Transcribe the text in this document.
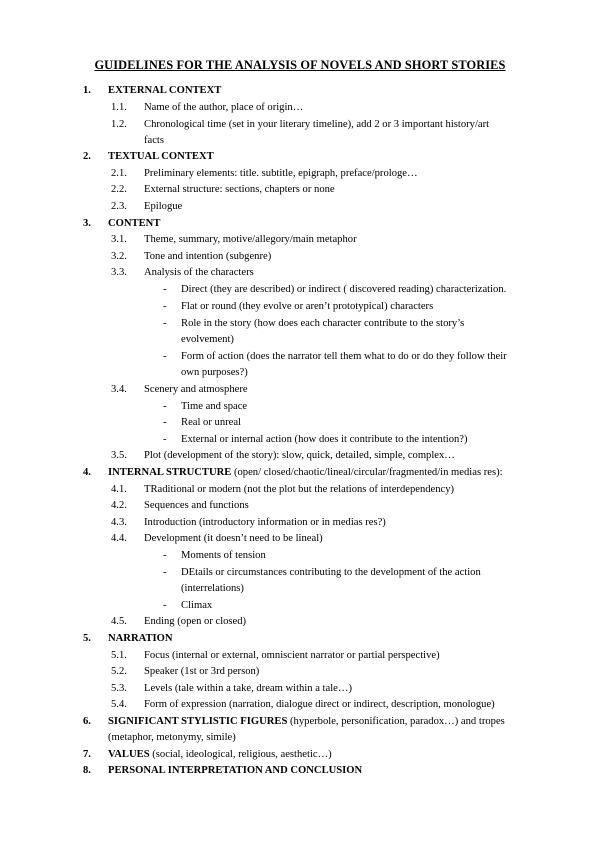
GUIDELINES FOR THE ANALYSIS OF NOVELS AND SHORT STORIES
1. EXTERNAL CONTEXT
1.1. Name of the author, place of origin…
1.2. Chronological time (set in your literary timeline), add 2 or 3 important history/art
facts
2. TEXTUAL CONTEXT
2.1. Preliminary elements: title. subtitle, epigraph, preface/prologe…
2.2. External structure: sections, chapters or none
2.3. Epilogue
3. CONTENT
3.1. Theme, summary, motive/allegory/main metaphor
3.2. Tone and intention (subgenre)
3.3. Analysis of the characters
- Direct (they are described) or indirect ( discovered reading) characterization.
- Flat or round (they evolve or aren’t prototypical) characters
- Role in the story (how does each character contribute to the story’s
evolvement)
- Form of action (does the narrator tell them what to do or do they follow their
own purposes?)
3.4. Scenery and atmosphere
- Time and space
- Real or unreal
- External or internal action (how does it contribute to the intention?)
3.5. Plot (development of the story): slow, quick, detailed, simple, complex…
4. INTERNAL STRUCTURE (open/ closed/chaotic/lineal/circular/fragmented/in medias res):
4.1. TRaditional or modern (not the plot but the relations of interdependency)
4.2. Sequences and functions
4.3. Introduction (introductory information or in medias res?)
4.4. Development (it doesn’t need to be lineal)
- Moments of tension
- DEtails or circumstances contributing to the development of the action
(interrelations)
- Climax
4.5. Ending (open or closed)
5. NARRATION
5.1. Focus (internal or external, omniscient narrator or partial perspective)
5.2. Speaker (1st or 3rd person)
5.3. Levels (tale within a take, dream within a tale…)
5.4. Form of expression (narration, dialogue direct or indirect, description, monologue)
6. SIGNIFICANT STYLISTIC FIGURES (hyperbole, personification, paradox…) and tropes
(metaphor, metonymy, simile)
7. VALUES (social, ideological, religious, aesthetic…)
8. PERSONAL INTERPRETATION AND CONCLUSION
